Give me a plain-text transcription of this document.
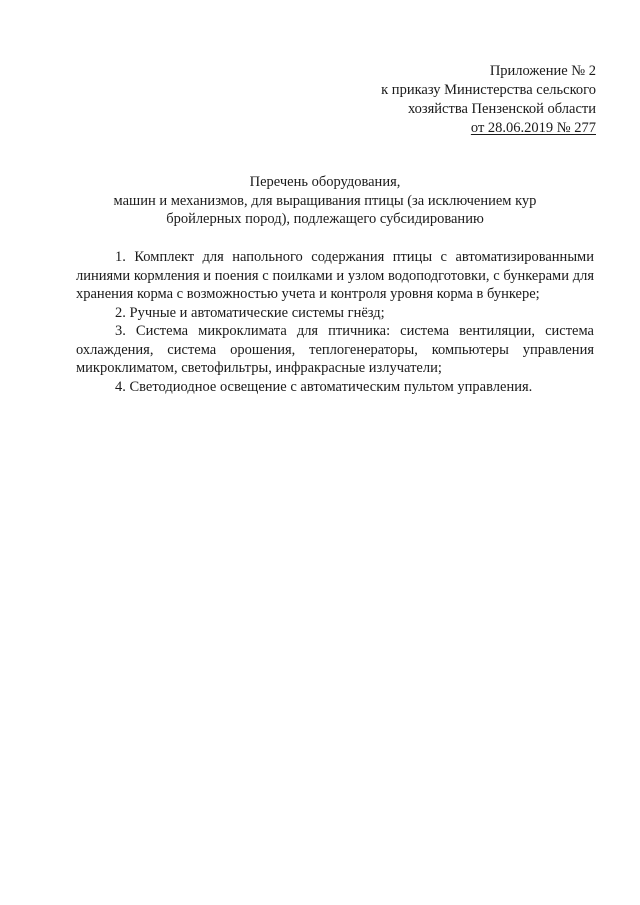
Приложение № 2
к приказу Министерства сельского
хозяйства Пензенской области
от 28.06.2019 № 277
Перечень оборудования,
машин и механизмов, для выращивания птицы (за исключением кур
бройлерных пород), подлежащего субсидированию

1. Комплект для напольного содержания птицы с автоматизированными линиями кормления и поения с поилками и узлом водоподготовки, с бункерами для хранения корма с возможностью учета и контроля уровня корма в бункере;

2. Ручные и автоматические системы гнёзд;

3. Система микроклимата для птичника: система вентиляции, система охлаждения, система орошения, теплогенераторы, компьютеры управления микроклиматом, светофильтры, инфракрасные излучатели;

4. Светодиодное освещение с автоматическим пультом управления.
